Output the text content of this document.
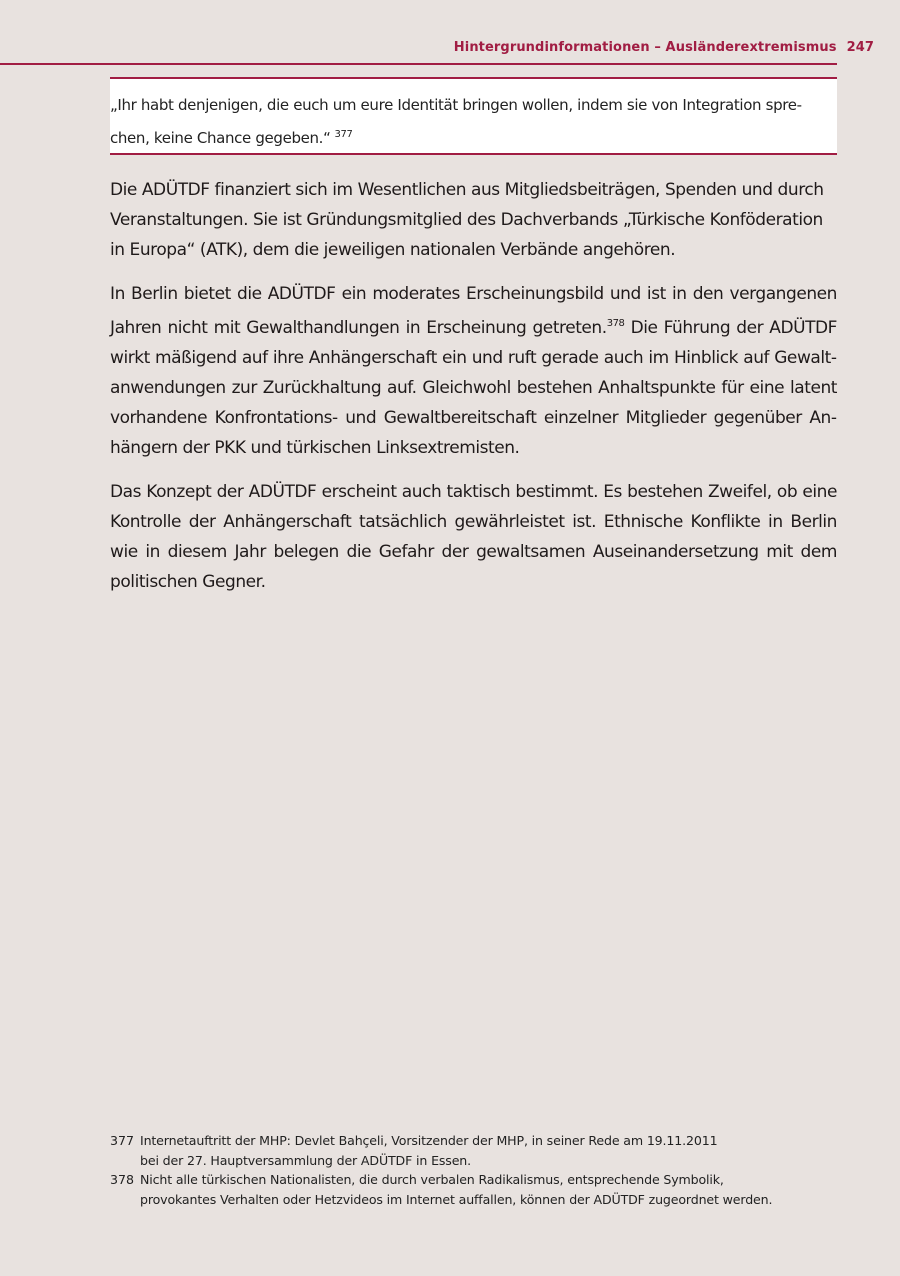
Hintergrundinformationen – Ausländerextremismus 247

„Ihr habt denjenigen, die euch um eure Identität bringen wollen, indem sie von Integration spre-
chen, keine Chance gegeben.“ $^{377}$

Die ADÜTDF finanziert sich im Wesentlichen aus Mitgliedsbeiträgen, Spenden und durch
Veranstaltungen. Sie ist Gründungsmitglied des Dachverbands „Türkische Konföderation
in Europa“ (ATK), dem die jeweiligen nationalen Verbände angehören.

In Berlin bietet die ADÜTDF ein moderates Erscheinungsbild und ist in den vergangenen Jahren nicht mit Gewalthandlungen in Erscheinung getreten.$^{378}$ Die Führung der ADÜTDF wirkt mäßigend auf ihre Anhängerschaft ein und ruft gerade auch im Hinblick auf Gewaltanwendungen zur Zurückhaltung auf. Gleichwohl bestehen Anhaltspunkte für eine latent vorhandene Konfrontations- und Gewaltbereitschaft einzelner Mitglieder gegenüber Anhängern der PKK und türkischen Linksextremisten.

Das Konzept der ADÜTDF erscheint auch taktisch bestimmt. Es bestehen Zweifel, ob eine Kontrolle der Anhängerschaft tatsächlich gewährleistet ist. Ethnische Konflikte in Berlin wie in diesem Jahr belegen die Gefahr der gewaltsamen Auseinandersetzung mit dem politischen Gegner.

377 Internetauftritt der MHP: Devlet Bahçeli, Vorsitzender der MHP, in seiner Rede am 19.11.2011
bei der 27. Hauptversammlung der ADÜTDF in Essen.
378 Nicht alle türkischen Nationalisten, die durch verbalen Radikalismus, entsprechende Symbolik,
provokantes Verhalten oder Hetzvideos im Internet auffallen, können der ADÜTDF zugeordnet werden.
